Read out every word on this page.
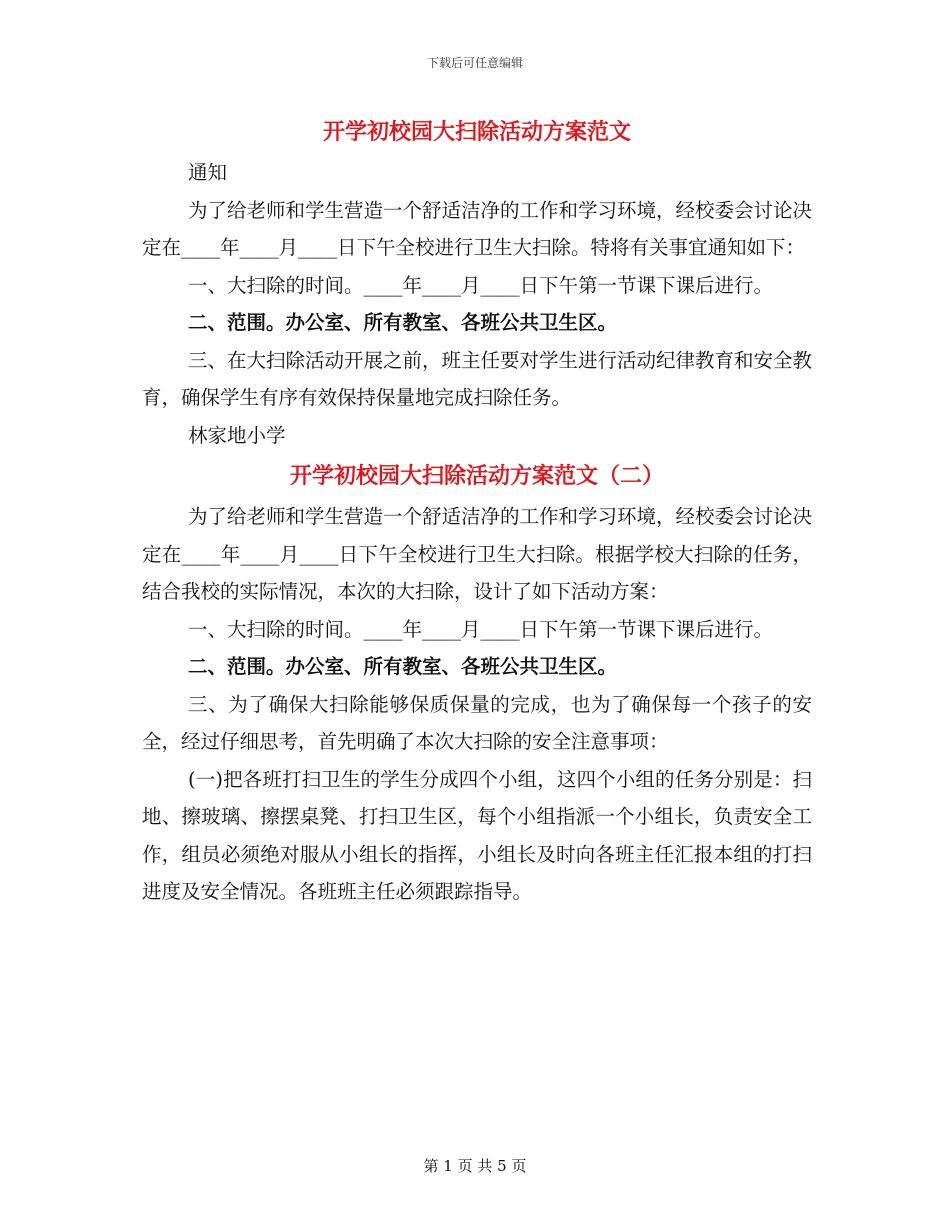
下载后可任意编辑
开学初校园大扫除活动方案范文

通知

为了给老师和学生营造一个舒适洁净的工作和学习环境，经校委会讨论决定在____年____月____日下午全校进行卫生大扫除。特将有关事宜通知如下：

一、大扫除的时间。____年____月____日下午第一节课下课后进行。

二、范围。办公室、所有教室、各班公共卫生区。

三、在大扫除活动开展之前，班主任要对学生进行活动纪律教育和安全教育，确保学生有序有效保持保量地完成扫除任务。

林家地小学

开学初校园大扫除活动方案范文（二）

为了给老师和学生营造一个舒适洁净的工作和学习环境，经校委会讨论决定在____年____月____日下午全校进行卫生大扫除。根据学校大扫除的任务，结合我校的实际情况，本次的大扫除，设计了如下活动方案：

一、大扫除的时间。____年____月____日下午第一节课下课后进行。

二、范围。办公室、所有教室、各班公共卫生区。

三、为了确保大扫除能够保质保量的完成，也为了确保每一个孩子的安全，经过仔细思考，首先明确了本次大扫除的安全注意事项：

(一)把各班打扫卫生的学生分成四个小组，这四个小组的任务分别是：扫地、擦玻璃、擦摆桌凳、打扫卫生区，每个小组指派一个小组长，负责安全工作，组员必须绝对服从小组长的指挥，小组长及时向各班主任汇报本组的打扫进度及安全情况。各班班主任必须跟踪指导。

第 1 页 共 5 页
